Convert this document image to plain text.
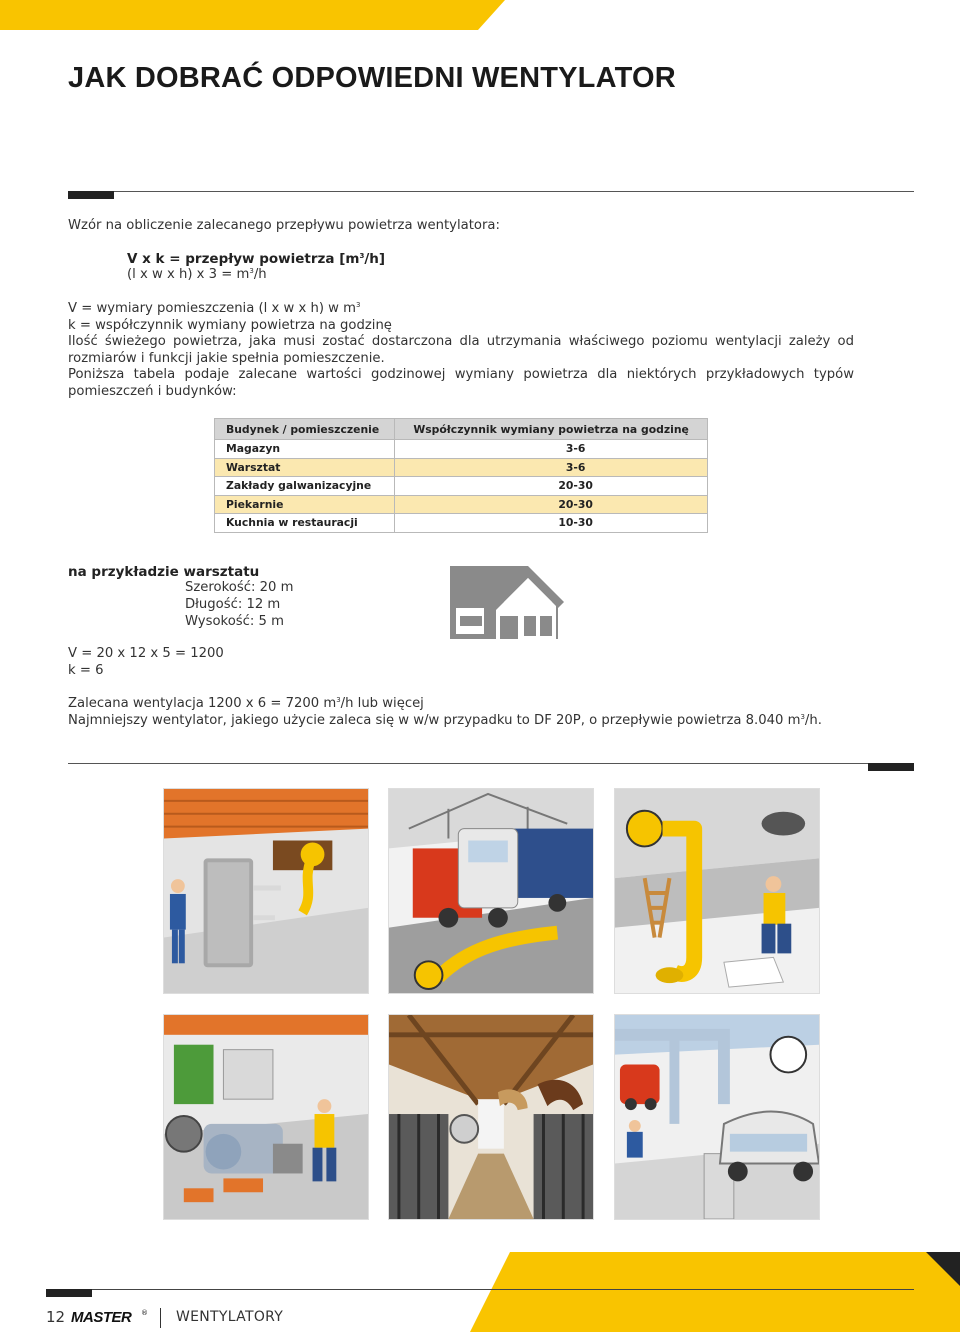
JAK DOBRAĆ ODPOWIEDNI WENTYLATOR
Wzór na obliczenie zalecanego przepływu powietrza wentylatora:
V x k = przepływ powietrza $[m^3/h]$
(l x w x h) x $3 = m^3/h$
V = wymiary pomieszczenia (l x w x h) w $m^3$
k = współczynnik wymiany powietrza na godzinę

Ilość świeżego powietrza, jaka musi zostać dostarczona dla utrzymania właściwego poziomu wentylacji zależy od rozmiarów i funkcji jakie spełnia pomieszczenie.

Poniższa tabela podaje zalecane wartości godzinowej wymiany powietrza dla niektórych przykładowych typów pomieszczeń i budynków:

Budynek / pomieszczenie	Współczynnik wymiany powietrza na godzinę
Magazyn	3-6
Warsztat	3-6
Zakłady galwanizacyjne	20-30
Piekarnie	20-30
Kuchnia w restauracji	10-30
na przykładzie warsztatu
Szerokość: 20 m
Długość: 12 m
Wysokość: 5 m
V = 20 x 12 x 5 = 1200
k = 6
Zalecana wentylacja 1200 x 6 = 7200 $m^3/h$ lub więcej
Najmniejszy wentylator, jakiego użycie zaleca się w w/w przypadku to DF 20P, o przepływie powietrza 8.040 $m^3/h$.
12 MASTER ® WENTYLATORY
